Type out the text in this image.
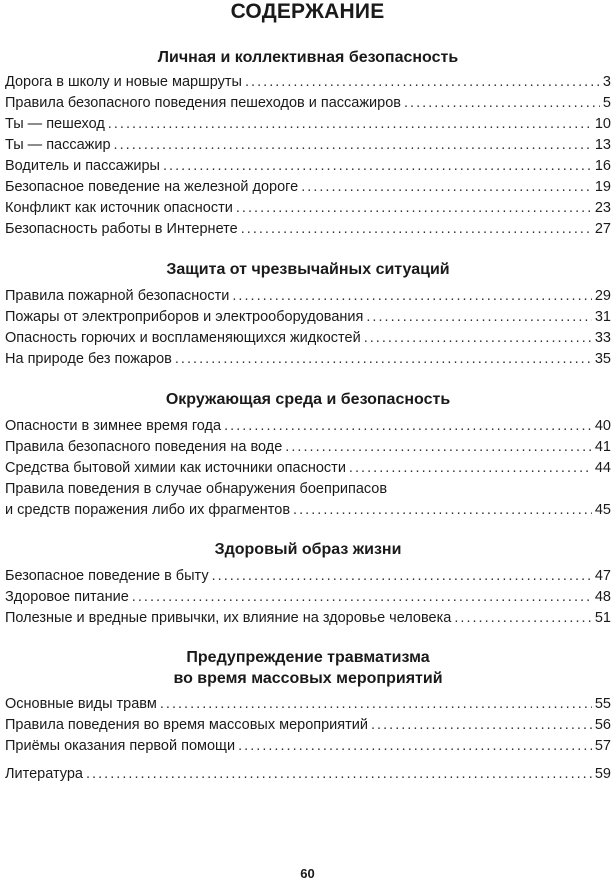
СОДЕРЖАНИЕ
Личная и коллективная безопасность
Дорога в школу и новые маршруты . . .	3
Правила безопасного поведения пешеходов и пассажиров . . .	5
Ты — пешеход . . .	10
Ты — пассажир . . .	13
Водитель и пассажиры . . .	16
Безопасное поведение на железной дороге . . .	19
Конфликт как источник опасности . . .	23
Безопасность работы в Интернете . . .	27
Защита от чрезвычайных ситуаций
Правила пожарной безопасности . . .	29
Пожары от электроприборов и электрооборудования . . .	31
Опасность горючих и воспламеняющихся жидкостей . . .	33
На природе без пожаров . . .	35
Окружающая среда и безопасность
Опасности в зимнее время года . . .	40
Правила безопасного поведения на воде . . .	41
Средства бытовой химии как источники опасности . . .	44
Правила поведения в случае обнаружения боеприпасов
и средств поражения либо их фрагментов . . .	45
Здоровый образ жизни
Безопасное поведение в быту . . .	47
Здоровое питание . . .	48
Полезные и вредные привычки, их влияние на здоровье человека . . .	51
Предупреждение травматизма
во время массовых мероприятий
Основные виды травм . . .	55
Правила поведения во время массовых мероприятий . . .	56
Приёмы оказания первой помощи . . .	57
Литература . . .	59
60
